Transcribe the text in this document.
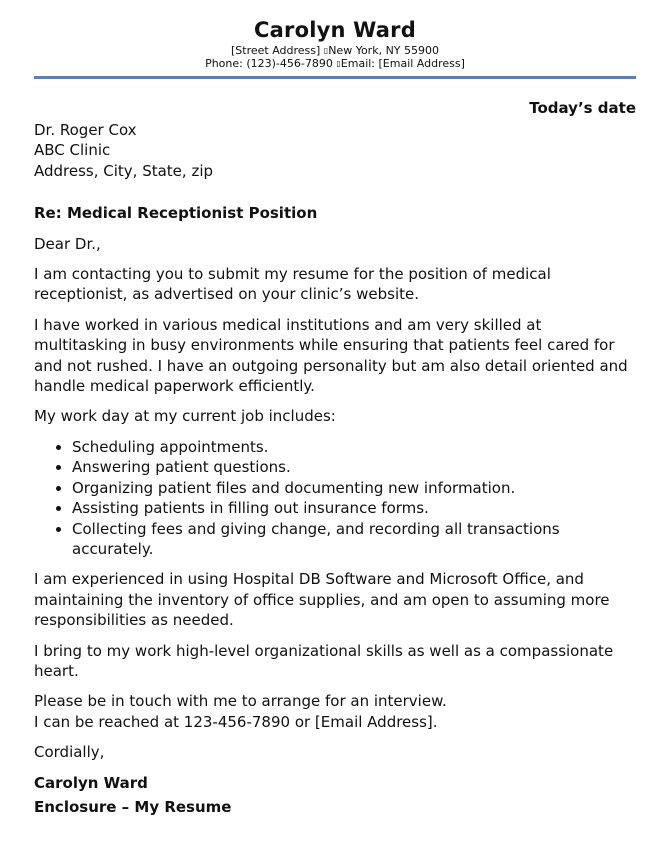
Carolyn Ward
[Street Address] ▯New York, NY 55900
Phone: (123)-456-7890 ▯Email: [Email Address]
Today’s date
Dr. Roger Cox
ABC Clinic
Address, City, State, zip
Re: Medical Receptionist Position

Dear Dr.,

I am contacting you to submit my resume for the position of medical receptionist, as advertised on your clinic’s website.

I have worked in various medical institutions and am very skilled at multitasking in busy environments while ensuring that patients feel cared for and not rushed. I have an outgoing personality but am also detail oriented and handle medical paperwork efficiently.

My work day at my current job includes:

• Scheduling appointments.
• Answering patient questions.
• Organizing patient files and documenting new information.
• Assisting patients in filling out insurance forms.
• Collecting fees and giving change, and recording all transactions accurately.

I am experienced in using Hospital DB Software and Microsoft Office, and maintaining the inventory of office supplies, and am open to assuming more responsibilities as needed.

I bring to my work high-level organizational skills as well as a compassionate heart.

Please be in touch with me to arrange for an interview.
I can be reached at 123-456-7890 or [Email Address].

Cordially,

Carolyn Ward
Enclosure – My Resume
